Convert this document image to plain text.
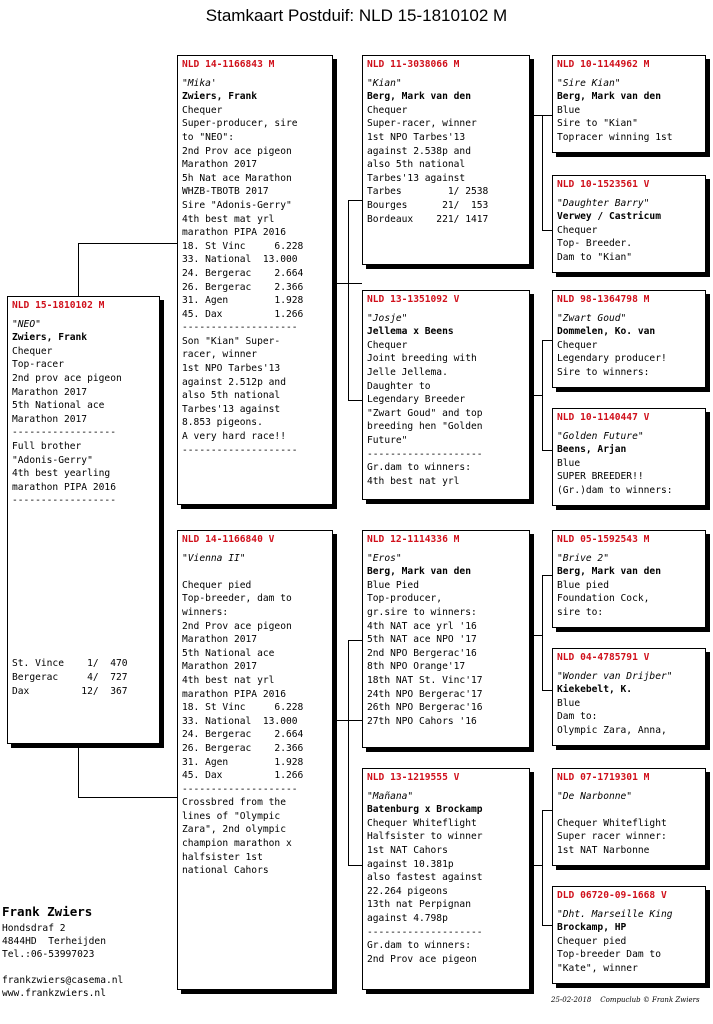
Stamkaart Postduif: NLD 15-1810102 M
NLD 15-1810102 M
"NEO"
Zwiers, Frank
Chequer
Top-racer
2nd prov ace pigeon
Marathon 2017
5th National ace
Marathon 2017
------------------
Full brother
"Adonis-Gerry"
4th best yearling
marathon PIPA 2016
------------------

St. Vince    1/  470
Bergerac     4/  727
Dax         12/  367
NLD 14-1166843 M
"Mika'
Zwiers, Frank
Chequer
Super-producer, sire
to "NEO":
2nd Prov ace pigeon
Marathon 2017
5h Nat ace Marathon
WHZB-TBOTB 2017
Sire "Adonis-Gerry"
4th best mat yrl
marathon PIPA 2016
18. St Vinc     6.228
33. National  13.000
24. Bergerac    2.664
26. Bergerac    2.366
31. Agen        1.928
45. Dax         1.266
--------------------
Son "Kian" Super-
racer, winner
1st NPO Tarbes'13
against 2.512p and
also 5th national
Tarbes'13 against
8.853 pigeons.
A very hard race!!
--------------------
NLD 14-1166840 V
"Vienna II"

Chequer pied
Top-breeder, dam to
winners:
2nd Prov ace pigeon
Marathon 2017
5th National ace
Marathon 2017
4th best nat yrl
marathon PIPA 2016
18. St Vinc     6.228
33. National  13.000
24. Bergerac    2.664
26. Bergerac    2.366
31. Agen        1.928
45. Dax         1.266
--------------------
Crossbred from the
lines of "Olympic
Zara", 2nd olympic
champion marathon x
halfsister 1st
national Cahors
NLD 11-3038066 M
"Kian"
Berg, Mark van den
Chequer
Super-racer, winner
1st NPO Tarbes'13
against 2.538p and
also 5th national
Tarbes'13 against
Tarbes        1/ 2538
Bourges      21/  153
Bordeaux    221/ 1417
NLD 13-1351092 V
"Josje"
Jellema x Beens
Chequer
Joint breeding with
Jelle Jellema.
Daughter to
Legendary Breeder
"Zwart Goud" and top
breeding hen "Golden
Future"
--------------------
Gr.dam to winners:
4th best nat yrl
NLD 12-1114336 M
"Eros"
Berg, Mark van den
Blue Pied
Top-producer,
gr.sire to winners:
4th NAT ace yrl '16
5th NAT ace NPO '17
2nd NPO Bergerac'16
8th NPO Orange'17
18th NAT St. Vinc'17
24th NPO Bergerac'17
26th NPO Bergerac'16
27th NPO Cahors '16
NLD 13-1219555 V
"Mañana"
Batenburg x Brockamp
Chequer Whiteflight
Halfsister to winner
1st NAT Cahors
against 10.381p
also fastest against
22.264 pigeons
13th nat Perpignan
against 4.798p
--------------------
Gr.dam to winners:
2nd Prov ace pigeon
NLD 10-1144962 M
"Sire Kian"
Berg, Mark van den
Blue
Sire to "Kian"
Topracer winning 1st
NLD 10-1523561 V
"Daughter Barry"
Verwey / Castricum
Chequer
Top- Breeder.
Dam to "Kian"
NLD 98-1364798 M
"Zwart Goud"
Dommelen, Ko. van
Chequer
Legendary producer!
Sire to winners:
NLD 10-1140447 V
"Golden Future"
Beens, Arjan
Blue
SUPER BREEDER!!
(Gr.)dam to winners:
NLD 05-1592543 M
"Brive 2"
Berg, Mark van den
Blue pied
Foundation Cock,
sire to:
NLD 04-4785791 V
"Wonder van Drijber"
Kiekebelt, K.
Blue
Dam to:
Olympic Zara, Anna,
NLD 07-1719301 M
"De Narbonne"

Chequer Whiteflight
Super racer winner:
1st NAT Narbonne
DLD 06720-09-1668 V
"Dht. Marseille King
Brockamp, HP
Chequer pied
Top-breeder Dam to
"Kate", winner
Frank Zwiers
Hondsdraf 2
4844HD  Terheijden
Tel.:06-53997023

frankzwiers@casema.nl
www.frankzwiers.nl
25-02-2018    Compuclub © Frank Zwiers
